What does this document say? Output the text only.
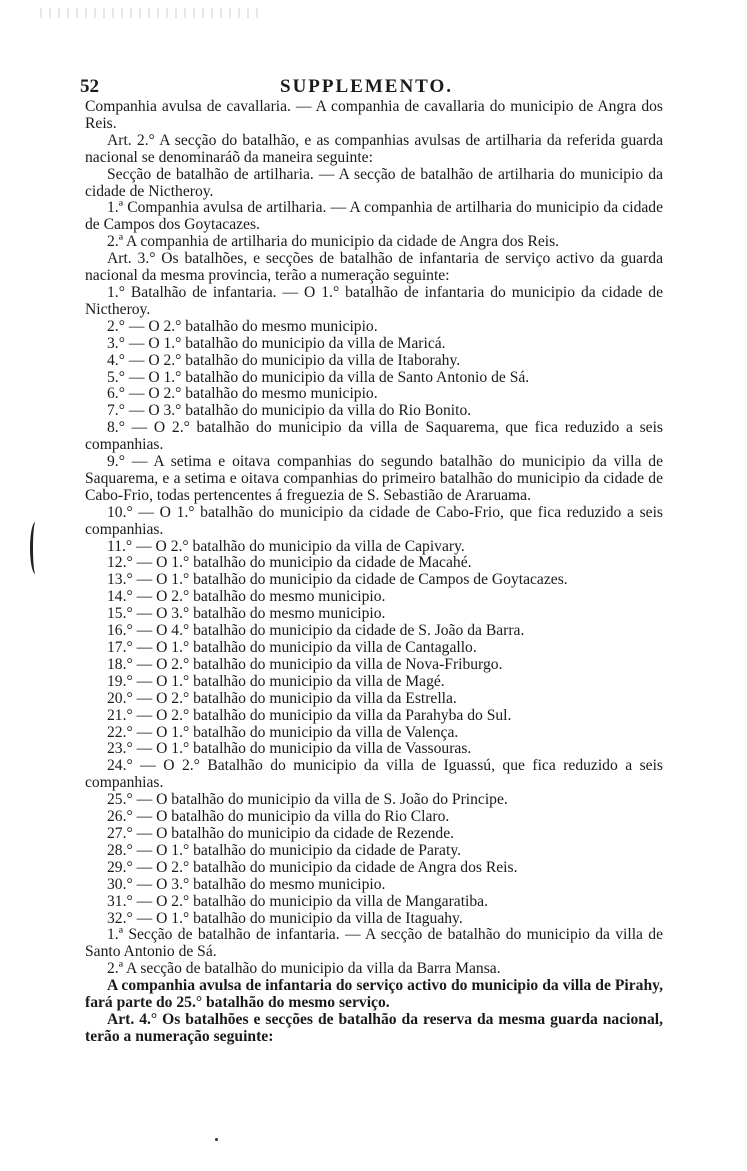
52	SUPPLEMENTO.

Companhia avulsa de cavallaria. — A companhia de cavallaria do municipio de Angra dos Reis.

Art. 2.° A secção do batalhão, e as companhias avulsas de artilharia da referida guarda nacional se denominaráõ da maneira seguinte:

Secção de batalhão de artilharia. — A secção de batalhão de artilharia do municipio da cidade de Nictheroy.

1.ª Companhia avulsa de artilharia. — A companhia de artilharia do municipio da cidade de Campos dos Goytacazes.

2.ª A companhia de artilharia do municipio da cidade de Angra dos Reis.

Art. 3.° Os batalhões, e secções de batalhão de infantaria de serviço activo da guarda nacional da mesma provincia, terão a numeração seguinte:

1.° Batalhão de infantaria. — O 1.° batalhão de infantaria do municipio da cidade de Nictheroy.

2.° — O 2.° batalhão do mesmo municipio.

3.° — O 1.° batalhão do municipio da villa de Maricá.

4.° — O 2.° batalhão do municipio da villa de Itaborahy.

5.° — O 1.° batalhão do municipio da villa de Santo Antonio de Sá.

6.° — O 2.° batalhão do mesmo municipio.

7.° — O 3.° batalhão do municipio da villa do Rio Bonito.

8.° — O 2.° batalhão do municipio da villa de Saquarema, que fica reduzido a seis companhias.

9.° — A setima e oitava companhias do segundo batalhão do municipio da villa de Saquarema, e a setima e oitava companhias do primeiro batalhão do municipio da cidade de Cabo-Frio, todas pertencentes á freguezia de S. Sebastião de Araruama.

10.° — O 1.° batalhão do municipio da cidade de Cabo-Frio, que fica reduzido a seis companhias.

11.° — O 2.° batalhão do municipio da villa de Capivary.

12.° — O 1.° batalhão do municipio da cidade de Macahé.

13.° — O 1.° batalhão do municipio da cidade de Campos de Goytacazes.

14.° — O 2.° batalhão do mesmo municipio.

15.° — O 3.° batalhão do mesmo municipio.

16.° — O 4.° batalhão do municipio da cidade de S. João da Barra.

17.° — O 1.° batalhão do municipio da villa de Cantagallo.

18.° — O 2.° batalhão do municipio da villa de Nova-Friburgo.

19.° — O 1.° batalhão do municipio da villa de Magé.

20.° — O 2.° batalhão do municipio da villa da Estrella.

21.° — O 2.° batalhão do municipio da villa da Parahyba do Sul.

22.° — O 1.° batalhão do municipio da villa de Valença.

23.° — O 1.° batalhão do municipio da villa de Vassouras.

24.° — O 2.° Batalhão do municipio da villa de Iguassú, que fica reduzido a seis companhias.

25.° — O batalhão do municipio da villa de S. João do Principe.

26.° — O batalhão do municipio da villa do Rio Claro.

27.° — O batalhão do municipio da cidade de Rezende.

28.° — O 1.° batalhão do municipio da cidade de Paraty.

29.° — O 2.° batalhão do municipio da cidade de Angra dos Reis.

30.° — O 3.° batalhão do mesmo municipio.

31.° — O 2.° batalhão do municipio da villa de Mangaratiba.

32.° — O 1.° batalhão do municipio da villa de Itaguahy.

1.ª Secção de batalhão de infantaria. — A secção de batalhão do municipio da villa de Santo Antonio de Sá.

2.ª A secção de batalhão do municipio da villa da Barra Mansa.

A companhia avulsa de infantaria do serviço activo do municipio da villa de Pirahy, fará parte do 25.° batalhão do mesmo serviço.

Art. 4.° Os batalhões e secções de batalhão da reserva da mesma guarda nacional, terão a numeração seguinte:
